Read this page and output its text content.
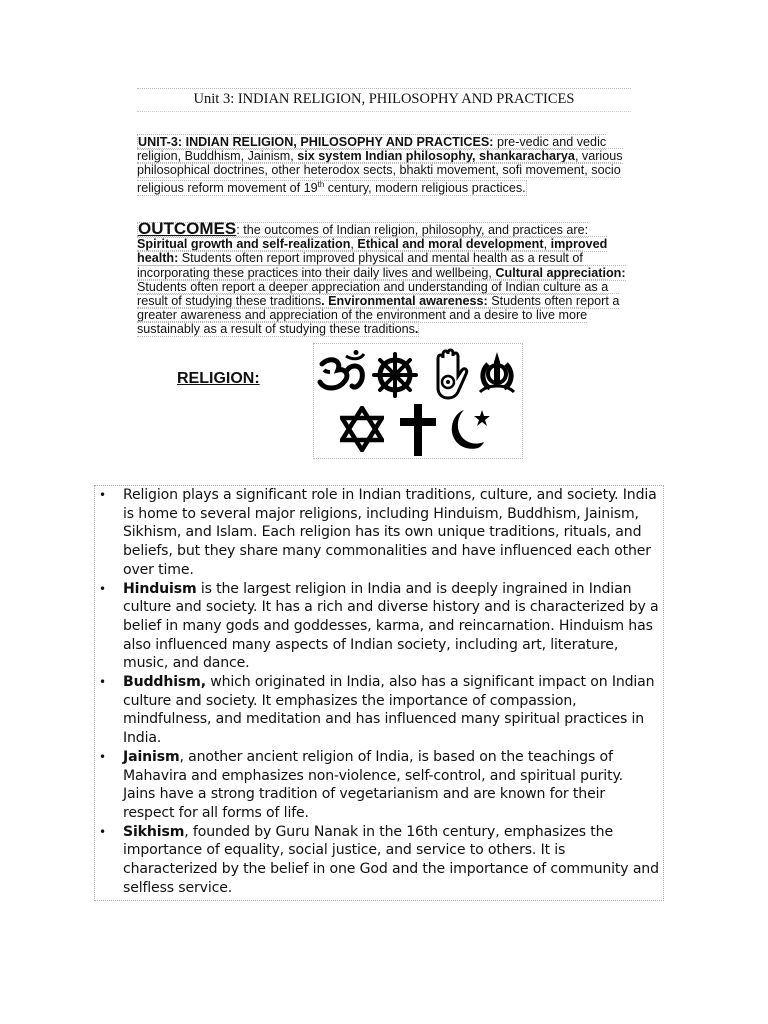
Unit 3: INDIAN RELIGION, PHILOSOPHY AND PRACTICES
UNIT-3: INDIAN RELIGION, PHILOSOPHY AND PRACTICES: pre-vedic and vedic religion, Buddhism, Jainism, six system Indian philosophy, shankaracharya, various philosophical doctrines, other heterodox sects, bhakti movement, sofi movement, socio religious reform movement of 19th century, modern religious practices.
OUTCOMES: the outcomes of Indian religion, philosophy, and practices are: Spiritual growth and self-realization, Ethical and moral development, improved health: Students often report improved physical and mental health as a result of incorporating these practices into their daily lives and wellbeing, Cultural appreciation: Students often report a deeper appreciation and understanding of Indian culture as a result of studying these traditions. Environmental awareness: Students often report a greater awareness and appreciation of the environment and a desire to live more sustainably as a result of studying these traditions.
RELIGION:
• Religion plays a significant role in Indian traditions, culture, and society. India is home to several major religions, including Hinduism, Buddhism, Jainism, Sikhism, and Islam. Each religion has its own unique traditions, rituals, and beliefs, but they share many commonalities and have influenced each other over time.
• Hinduism is the largest religion in India and is deeply ingrained in Indian culture and society. It has a rich and diverse history and is characterized by a belief in many gods and goddesses, karma, and reincarnation. Hinduism has also influenced many aspects of Indian society, including art, literature, music, and dance.
• Buddhism, which originated in India, also has a significant impact on Indian culture and society. It emphasizes the importance of compassion, mindfulness, and meditation and has influenced many spiritual practices in India.
• Jainism, another ancient religion of India, is based on the teachings of Mahavira and emphasizes non-violence, self-control, and spiritual purity. Jains have a strong tradition of vegetarianism and are known for their respect for all forms of life.
• Sikhism, founded by Guru Nanak in the 16th century, emphasizes the importance of equality, social justice, and service to others. It is characterized by the belief in one God and the importance of community and selfless service.
